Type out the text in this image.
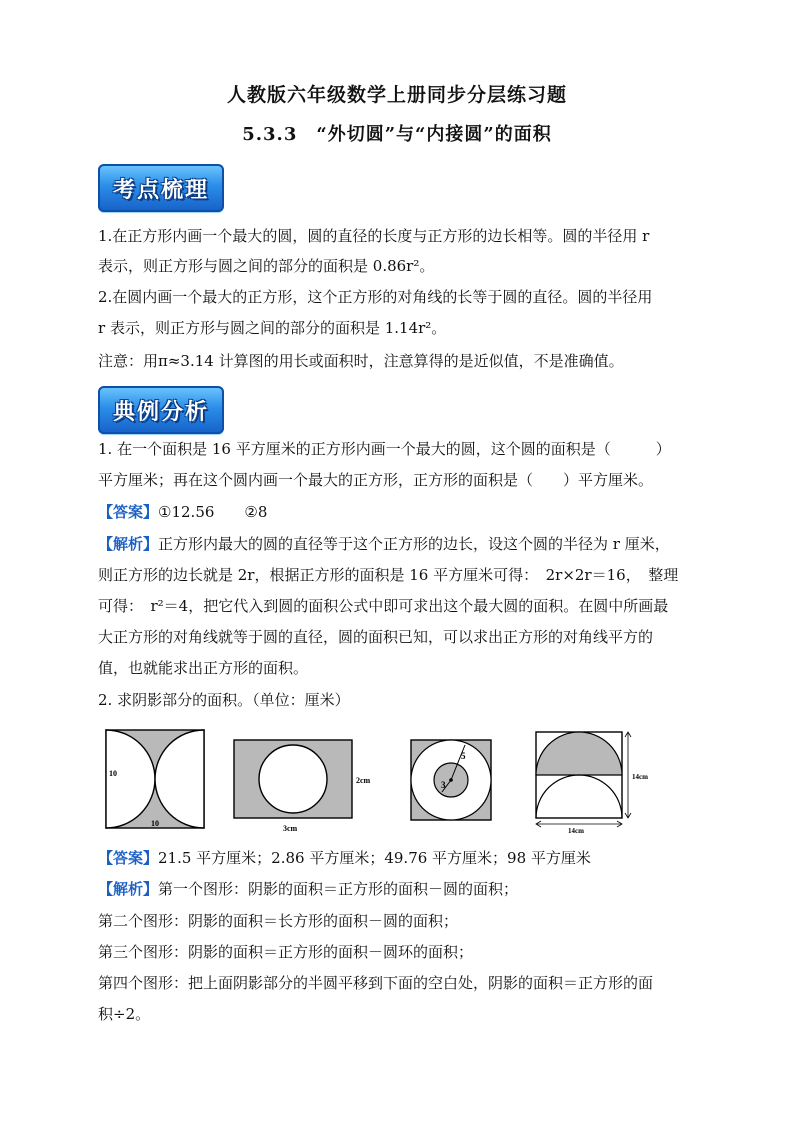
人教版六年级数学上册同步分层练习题
5.3.3　“外切圆”与“内接圆”的面积
考点梳理
1.在正方形内画一个最大的圆，圆的直径的长度与正方形的边长相等。圆的半径用 r
表示，则正方形与圆之间的部分的面积是 0.86r²。
2.在圆内画一个最大的正方形，这个正方形的对角线的长等于圆的直径。圆的半径用
r 表示，则正方形与圆之间的部分的面积是 1.14r²。
注意：用π≈3.14 计算图的用长或面积时，注意算得的是近似值，不是准确值。
典例分析
1. 在一个面积是 16 平方厘米的正方形内画一个最大的圆，这个圆的面积是（　　　）
平方厘米；再在这个圆内画一个最大的正方形，正方形的面积是（　　）平方厘米。
【答案】①12.56　　②8
【解析】正方形内最大的圆的直径等于这个正方形的边长，设这个圆的半径为 r 厘米，
则正方形的边长就是 2r，根据正方形的面积是 16 平方厘米可得：　2r×2r＝16，　整理
可得：　r²＝4，把它代入到圆的面积公式中即可求出这个最大圆的面积。在圆中所画最
大正方形的对角线就等于圆的直径，圆的面积已知，可以求出正方形的对角线平方的
值，也就能求出正方形的面积。
2. 求阴影部分的面积。（单位：厘米）
10
10
2cm
3cm
5
3
14cm
14cm
【答案】21.5 平方厘米；2.86 平方厘米；49.76 平方厘米；98 平方厘米
【解析】第一个图形：阴影的面积＝正方形的面积－圆的面积；
第二个图形：阴影的面积＝长方形的面积－圆的面积；
第三个图形：阴影的面积＝正方形的面积－圆环的面积；
第四个图形：把上面阴影部分的半圆平移到下面的空白处，阴影的面积＝正方形的面
积÷2。
